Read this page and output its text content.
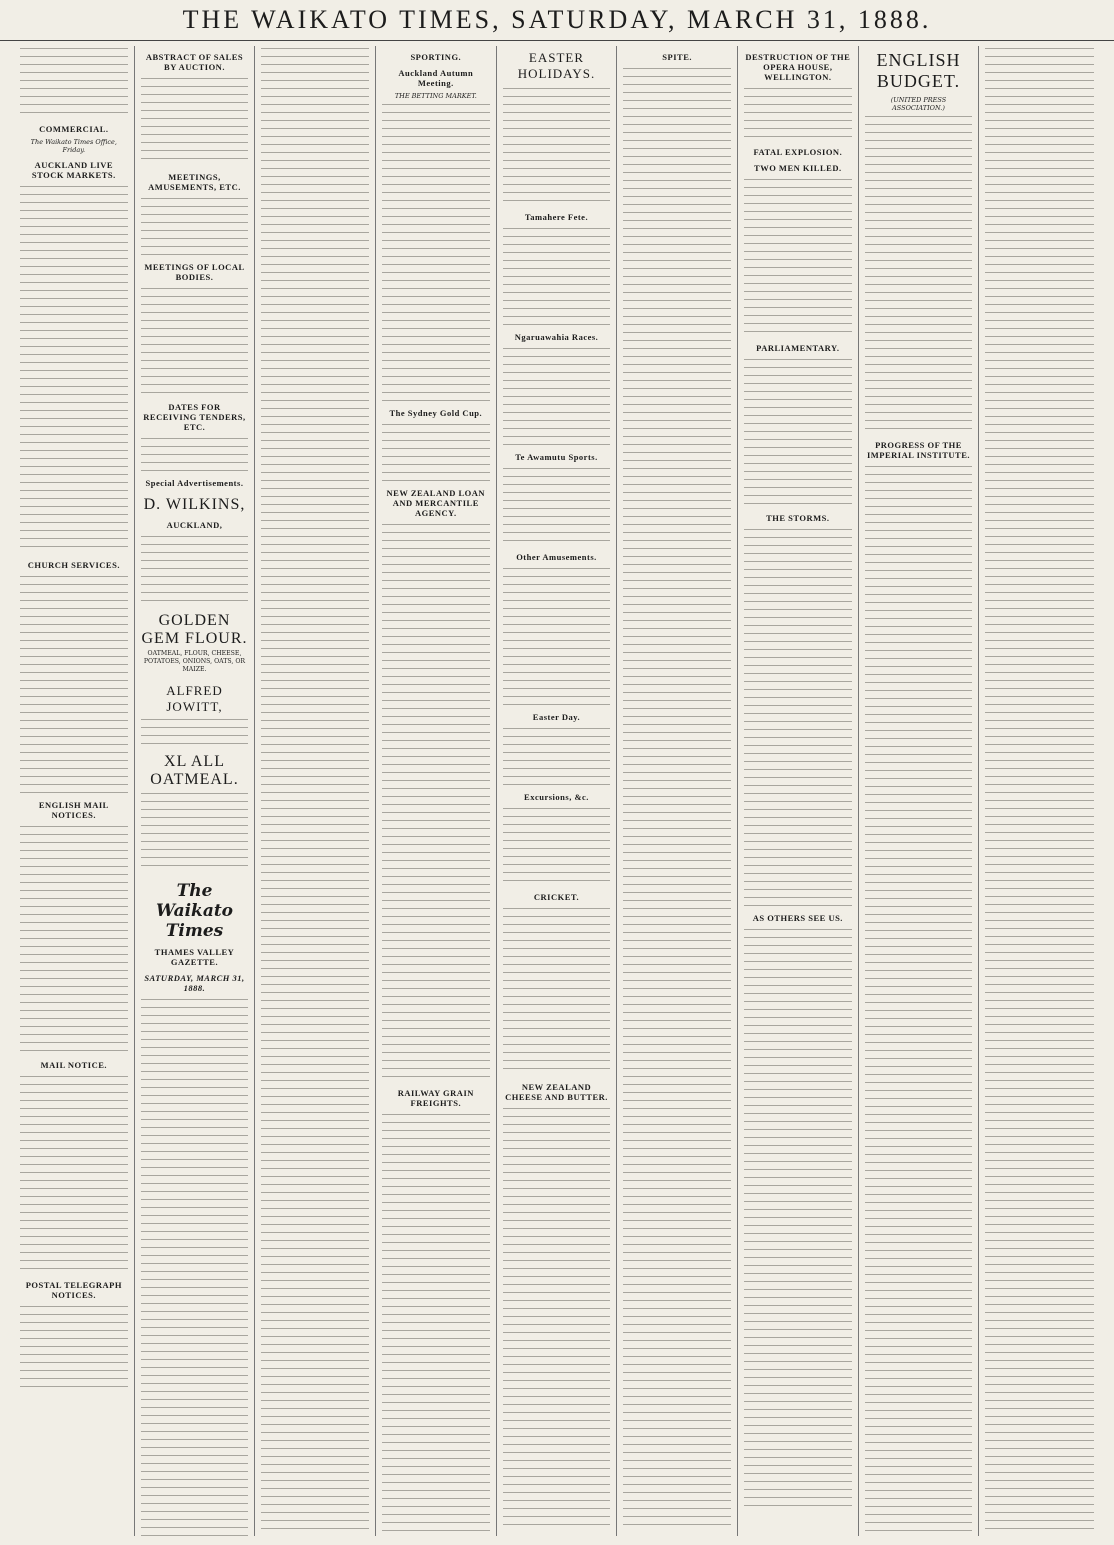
THE WAIKATO TIMES, SATURDAY, MARCH 31, 1888.
COMMERCIAL.
The Waikato Times Office, Friday.
AUCKLAND LIVE STOCK MARKETS.
CHURCH SERVICES.
ENGLISH MAIL NOTICES.
MAIL NOTICE.
POSTAL TELEGRAPH NOTICES.
ABSTRACT OF SALES BY AUCTION.
MEETINGS, AMUSEMENTS, ETC.
MEETINGS OF LOCAL BODIES.
DATES FOR RECEIVING TENDERS, ETC.
Special Advertisements.
D. WILKINS,
AUCKLAND,
GOLDEN GEM FLOUR.
OATMEAL, FLOUR, CHEESE, POTATOES, ONIONS, OATS, OR MAIZE.
ALFRED JOWITT,
XL ALL OATMEAL.
The Waikato Times
THAMES VALLEY GAZETTE.
SATURDAY, MARCH 31, 1888.
SPORTING.
Auckland Autumn Meeting.
THE BETTING MARKET.
The Sydney Gold Cup.
NEW ZEALAND LOAN AND MERCANTILE AGENCY.
RAILWAY GRAIN FREIGHTS.
EASTER HOLIDAYS.
Tamahere Fete.
Ngaruawahia Races.
Te Awamutu Sports.
Other Amusements.
Easter Day.
Excursions, &c.
CRICKET.
NEW ZEALAND CHEESE AND BUTTER.
SPITE.	DESTRUCTION OF THE OPERA HOUSE, WELLINGTON.
FATAL EXPLOSION.
TWO MEN KILLED.
PARLIAMENTARY.
THE STORMS.
AS OTHERS SEE US.
ENGLISH BUDGET.
(UNITED PRESS ASSOCIATION.)
PROGRESS OF THE IMPERIAL INSTITUTE.
